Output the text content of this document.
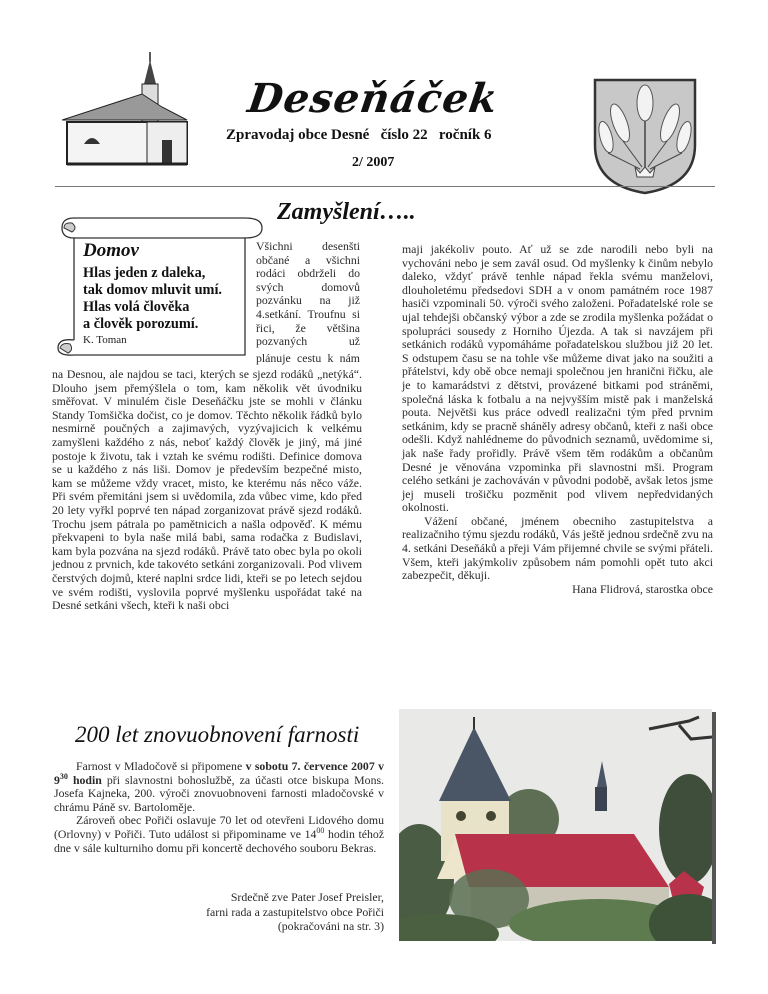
Deseňáček
Zpravodaj obce Desné   číslo 22   ročník 6
2/ 2007
Zamyšlení…..
Domov
Hlas jeden z daleka,
tak domov mluvit umí.
Hlas volá člověka
a člověk porozumí.
K. Toman
Všichni desenšti občané a všichni rodáci obdrželi do svých domovů pozvánku na již 4.setkání. Troufnu si řici, že většina pozvaných už
plánuje cestu k nám
na Desnou, ale najdou se taci, kterých se sjezd rodáků „netýká“. Dlouho jsem přemýšlela o tom, kam několik vět úvodniku směřovat. V minulém čisle Deseňáčku jste se mohli v článku Standy Tomšička dočist, co je domov. Těchto několik řádků bylo nesmirně poučných a zajimavých, vyzývajicich k velkému zamyšleni každého z nás, neboť každý člověk je jiný, má jiné postoje k životu, tak i vztah ke svému rodišti. Definice domova se u každého z nás liši. Domov je především bezpečné misto, kam se můžeme vždy vracet, misto, ke kterému nás něco váže. Při svém přemitáni jsem si uvědomila, zda vůbec vime, kdo před 20 lety vyřkl poprvé ten nápad zorganizovat právě sjezd rodáků. Trochu jsem pátrala po pamětnicich a našla odpověď. K mému překvapeni to byla naše milá babi, sama rodačka z Budislavi, kam byla pozvána na sjezd rodáků. Právě tato obec byla po okoli jednou z prvnich, kde takovéto setkáni zorganizovali. Pod vlivem čerstvých dojmů, které naplni srdce lidi, kteři se po letech sejdou ve svém rodišti, vyslovila poprvé myšlenku uspořádat také na Desné setkáni všech, kteři k naši obci
maji jakékoliv pouto. Ať už se zde narodili nebo byli na vychováni nebo je sem zavál osud. Od myšlenky k činům nebylo daleko, vždyť právě tenhle nápad řekla svému manželovi, dlouholetému předsedovi SDH a v onom památném roce 1987 hasiči vzpominali 50. výroči svého založeni. Pořadatelské role se ujal tehdejši občanský výbor a zde se zrodila myšlenka požádat o spolupráci sousedy z Horniho Újezda. A tak si navzájem při setkánich rodáků vypomáháme pořadatelskou službou již 20 let. S odstupem času se na tohle vše můžeme divat jako na soužiti a přátelstvi, kdy obě obce nemaji společnou jen hranični řičku, ale je to kamarádstvi z dětstvi, provázené bitkami pod stráněmi, společná láska k fotbalu a na nejvyšším mistě pak i manželská pouta. Největši kus práce odvedl realizačni tým před prvnim setkánim, kdy se pracně sháněly adresy občanů, kteři z naši obce odešli. Když nahlédneme do původnich seznamů, uvědomime si, jak naše řady prořidly. Právě všem těm rodákům a občanům Desné je věnována vzpominka při slavnostni mši. Program celého setkáni je zachováván v původni podobě, avšak letos jsme jej museli trošičku pozměnit pod vlivem nepředvidaných okolnosti.
Vážení občané, jménem obecniho zastupitelstva a realizačniho týmu sjezdu rodáků, Vás ještě jednou srdečně zvu na 4. setkáni Deseňáků a přeji Vám přijemné chvile se svými přáteli. Všem, kteři jakýmkoliv způsobem nám pomohli opět tuto akci zabezpečit, děkuji.
Hana Flidrová, starostka obce
200 let znovuobnovení farnosti
Farnost v Mladočově si připomene v sobotu 7. července 2007 v $9^{30}$ hodin při slavnostni bohoslužbě, za účasti otce biskupa Mons. Josefa Kajneka, 200. výroči znovuobnoveni farnosti mladočovské v chrámu Páně sv. Bartoloměje.
Zároveň obec Pořiči oslavuje 70 let od otevřeni Lidového domu (Orlovny) v Pořiči. Tuto událost si připominame ve $14^{00}$ hodin téhož dne v sále kulturniho domu při koncertě dechového souboru Bekras.
Srdečně zve Pater Josef Preisler,
farni rada a zastupitelstvo obce Pořiči
(pokračováni na str. 3)
